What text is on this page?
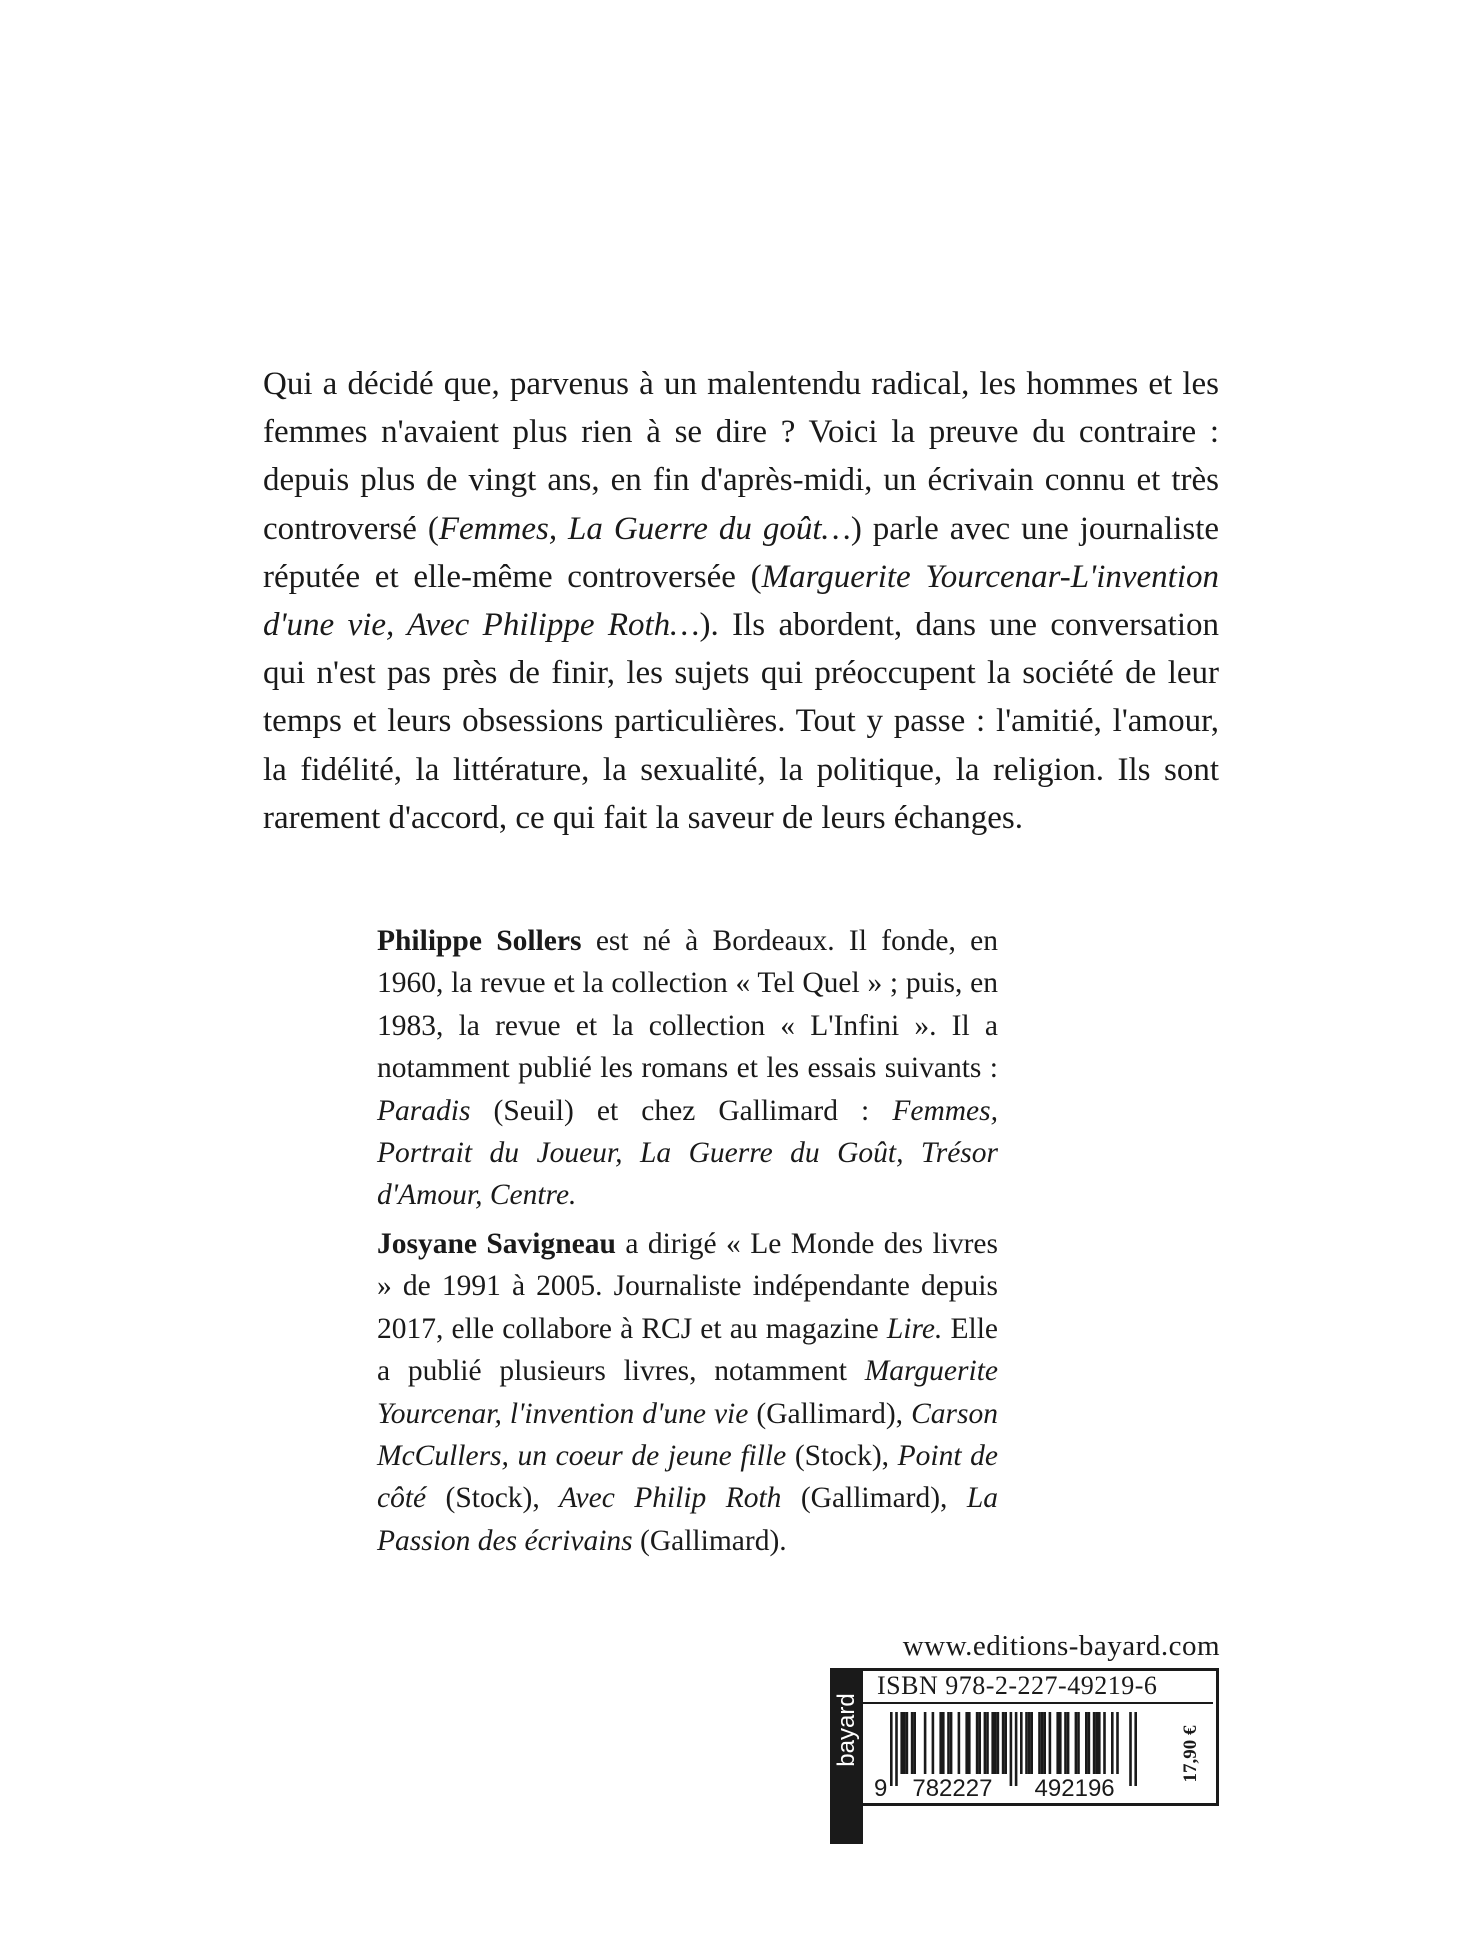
Qui a décidé que, parvenus à un malentendu radical, les hommes et les femmes n'avaient plus rien à se dire ? Voici la preuve du contraire : depuis plus de vingt ans, en fin d'après-midi, un écrivain connu et très controversé (Femmes, La Guerre du goût…) parle avec une journaliste réputée et elle-même controversée (Marguerite Yourcenar-L'invention d'une vie, Avec Philippe Roth…). Ils abordent, dans une conversation qui n'est pas près de finir, les sujets qui préoccupent la société de leur temps et leurs obsessions particulières. Tout y passe : l'amitié, l'amour, la fidélité, la littérature, la sexualité, la politique, la religion. Ils sont rarement d'accord, ce qui fait la saveur de leurs échanges.

Philippe Sollers est né à Bordeaux. Il fonde, en 1960, la revue et la collection « Tel Quel » ; puis, en 1983, la revue et la collection « L'Infini ». Il a notamment publié les romans et les essais suivants : Paradis (Seuil) et chez Gallimard : Femmes, Portrait du Joueur, La Guerre du Goût, Trésor d'Amour, Centre.

Josyane Savigneau a dirigé « Le Monde des livres » de 1991 à 2005. Journaliste indépendante depuis 2017, elle collabore à RCJ et au magazine Lire. Elle a publié plusieurs livres, notamment Marguerite Yourcenar, l'invention d'une vie (Gallimard), Carson McCullers, un coeur de jeune fille (Stock), Point de côté (Stock), Avec Philip Roth (Gallimard), La Passion des écrivains (Gallimard).

www.editions-bayard.com

bayard

ISBN 978-2-227-49219-6

9 782227 492196
17,90 €
